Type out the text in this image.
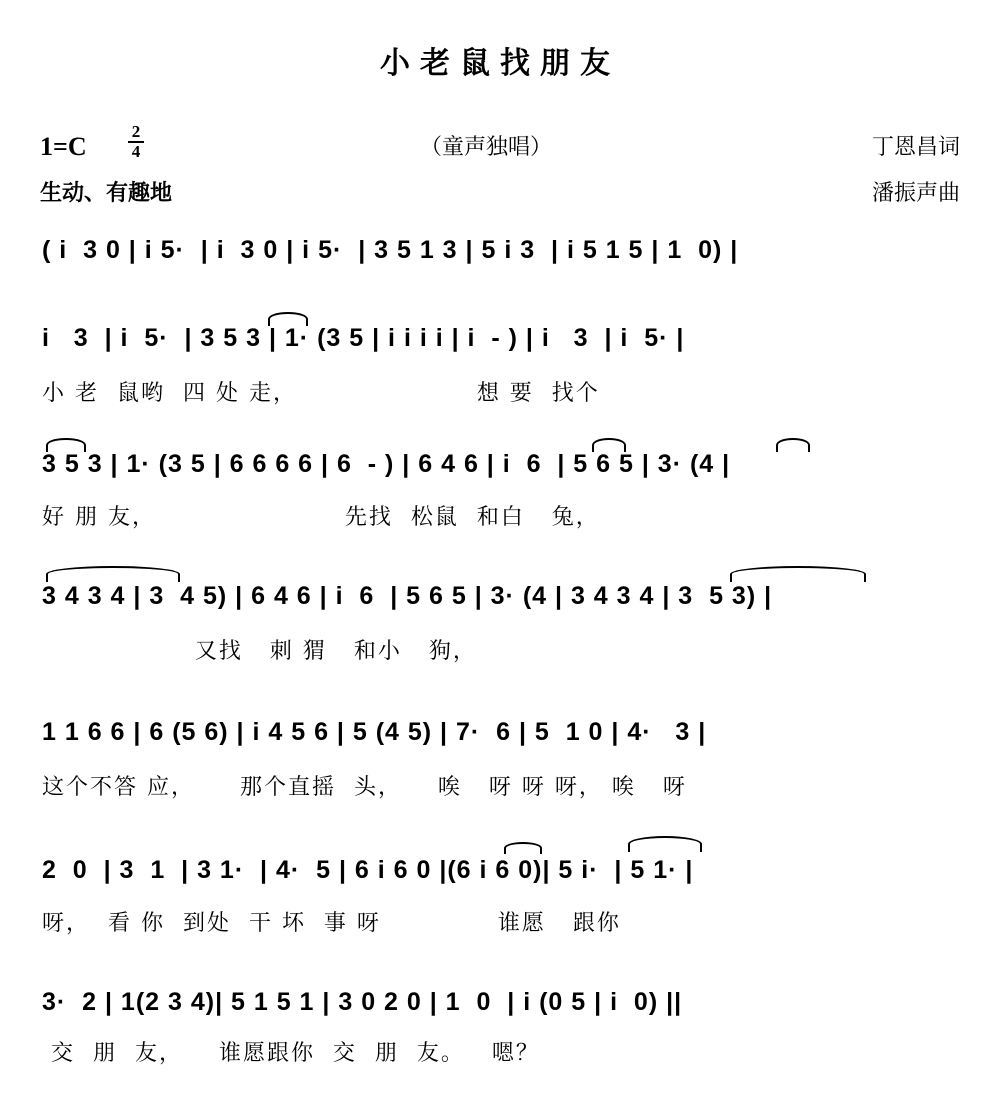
小老鼠找朋友
1=C
2
4	（童声独唱）	丁恩昌词
潘振声曲
生动、有趣地
( i  3 0 | i 5·  | i  3 0 | i 5·  | 3 5 1 3 | 5 i 3  | i 5 1 5 | 1  0) |
i   3  | i  5·  | 3 5 3 | 1· (3 5 | i i i i | i  - ) | i   3  | i  5· |
小 老  鼠哟  四 处 走，                    想 要  找个
3 5 3 | 1· (3 5 | 6 6 6 6 | 6  - ) | 6 4 6 | i  6  | 5 6 5 | 3· (4 |
好 朋 友，                     先找  松鼠  和白   兔，
3 4 3 4 | 3  4 5) | 6 4 6 | i  6  | 5 6 5 | 3· (4 | 3 4 3 4 | 3  5 3) |
又找   刺 猬   和小   狗，
1 1 6 6 | 6 (5 6) | i 4 5 6 | 5 (4 5) | 7·  6 | 5  1 0 | 4·   3 |
这个不答 应，     那个直摇  头，    唉   呀 呀 呀， 唉   呀
2  0  | 3  1  | 3 1·  | 4·  5 | 6 i 6 0 |(6 i 6 0)| 5 i·  | 5 1· |
呀，  看 你  到处  干 坏  事 呀             谁愿   跟你
3·  2 | 1(2 3 4)| 5 1 5 1 | 3 0 2 0 | 1  0  | i (0 5 | i  0) ||
交  朋  友，    谁愿跟你  交  朋  友。   嗯？
